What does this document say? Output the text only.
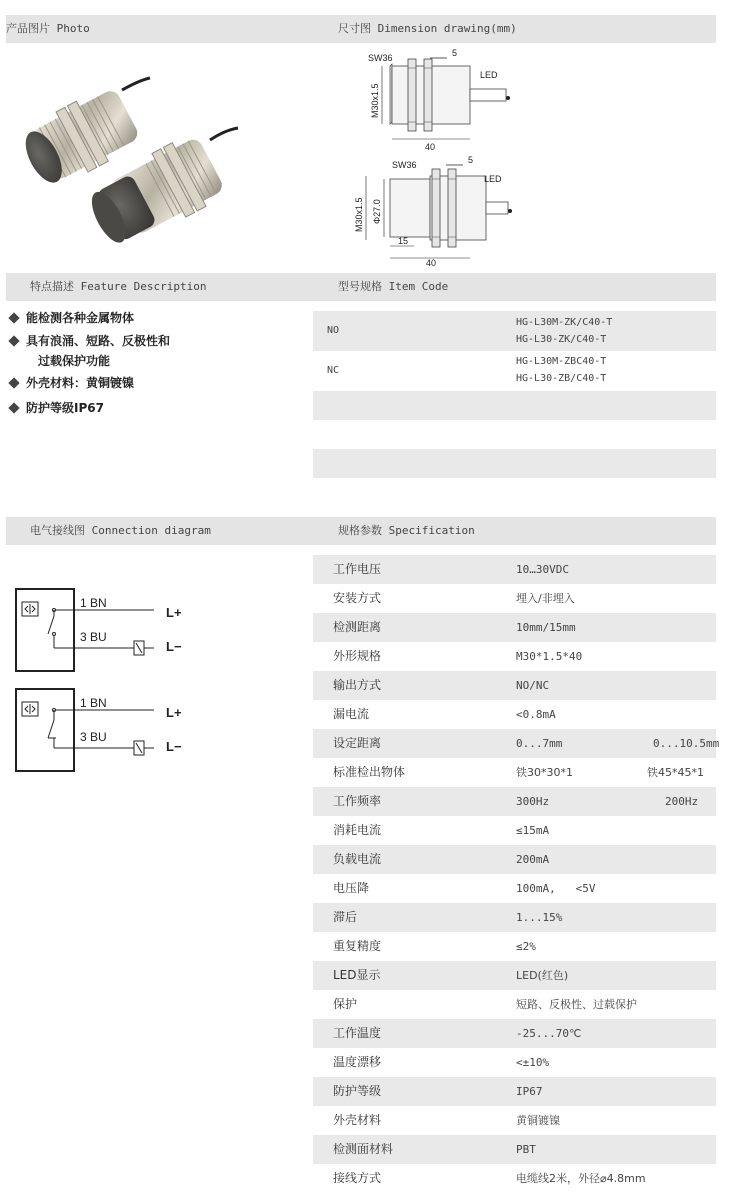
产品图片 Photo	尺寸图 Dimension drawing(mm)
SW36	5
LED
M30x1.5
40
SW36	5
LED
M30x1.5 Φ27.0
15
40
特点描述 Feature Description	型号规格 Item Code
能检测各种金属物体
具有浪涌、短路、反极性和
过载保护功能
外壳材料：黄铜镀镍
防护等级IP67
NO
HG-L30M-ZK/C40-T
HG-L30-ZK/C40-T
NC
HG-L30M-ZBC40-T
HG-L30-ZB/C40-T
电气接线图 Connection diagram	规格参数 Specification
1 BN
3 BU
L+
L−
1 BN
3 BU
L+
L−
工作电压	10…30VDC
安装方式	埋入/非埋入
检测距离	10mm/15mm
外形规格	M30*1.5*40
输出方式	NO/NC
漏电流	<0.8mA
设定距离	0...7mm	0...10.5mm
标准检出物体	铁30*30*1	铁45*45*1
工作频率	300Hz	200Hz
消耗电流	≤15mA
负载电流	200mA
电压降	100mA,   <5V
滞后	1...15%
重复精度	≤2%
LED显示	LED(红色)
保护	短路、反极性、过载保护
工作温度	-25...70℃
温度漂移	<±10%
防护等级	IP67
外壳材料	黄铜镀镍
检测面材料	PBT
接线方式	电缆线2米，外径⌀4.8mm
